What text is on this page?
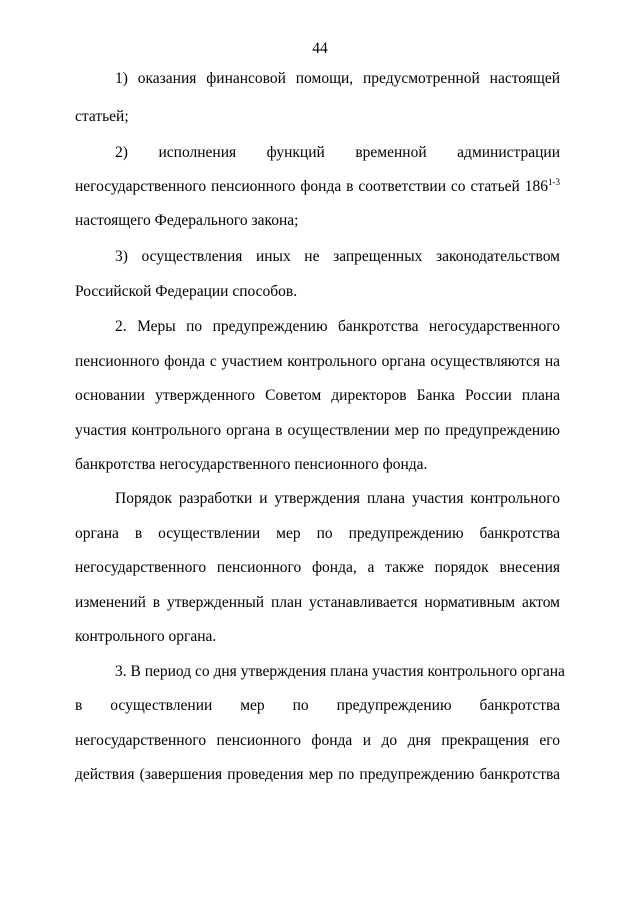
44
1) оказания финансовой помощи, предусмотренной настоящей
статьей;
2) исполнения функций временной администрации
негосударственного пенсионного фонда в соответствии со статьей 186$^{1-3}$
настоящего Федерального закона;
3) осуществления иных не запрещенных законодательством
Российской Федерации способов.
2. Меры по предупреждению банкротства негосударственного
пенсионного фонда с участием контрольного органа осуществляются на
основании утвержденного Советом директоров Банка России плана
участия контрольного органа в осуществлении мер по предупреждению
банкротства негосударственного пенсионного фонда.
Порядок разработки и утверждения плана участия контрольного
органа в осуществлении мер по предупреждению банкротства
негосударственного пенсионного фонда, а также порядок внесения
изменений в утвержденный план устанавливается нормативным актом
контрольного органа.
3. В период со дня утверждения плана участия контрольного органа
в осуществлении мер по предупреждению банкротства
негосударственного пенсионного фонда и до дня прекращения его
действия (завершения проведения мер по предупреждению банкротства
